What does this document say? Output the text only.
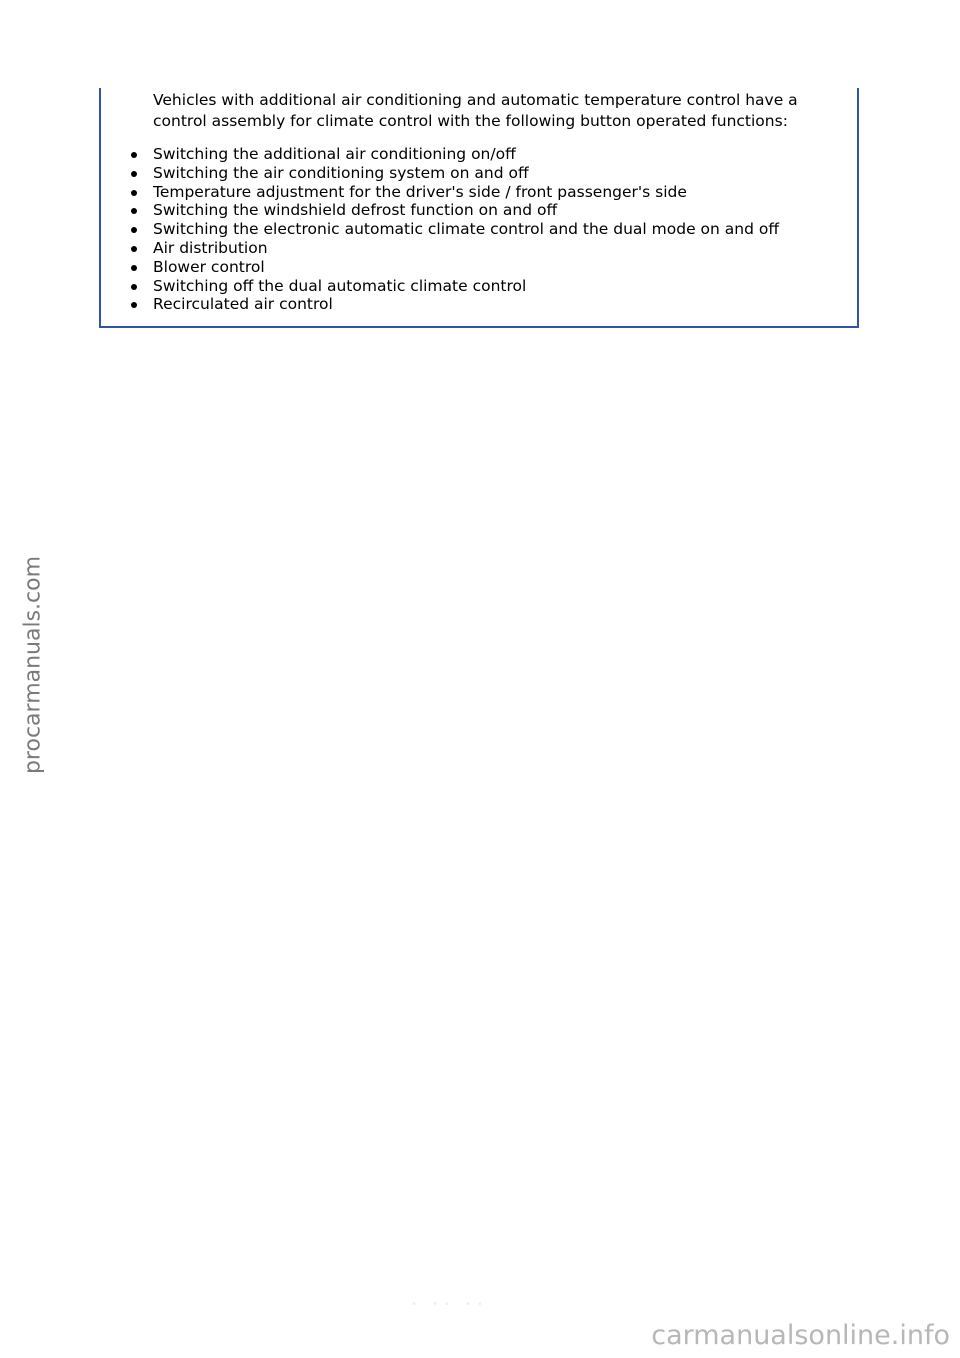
Vehicles with additional air conditioning and automatic temperature control have a control assembly for climate control with the following button operated functions:

Switching the additional air conditioning on/off
Switching the air conditioning system on and off
Temperature adjustment for the driver's side / front passenger's side
Switching the windshield defrost function on and off
Switching the electronic automatic climate control and the dual mode on and off
Air distribution
Blower control
Switching off the dual automatic climate control
Recirculated air control
procarmanuals.com
• •• ••
carmanualsonline.info
